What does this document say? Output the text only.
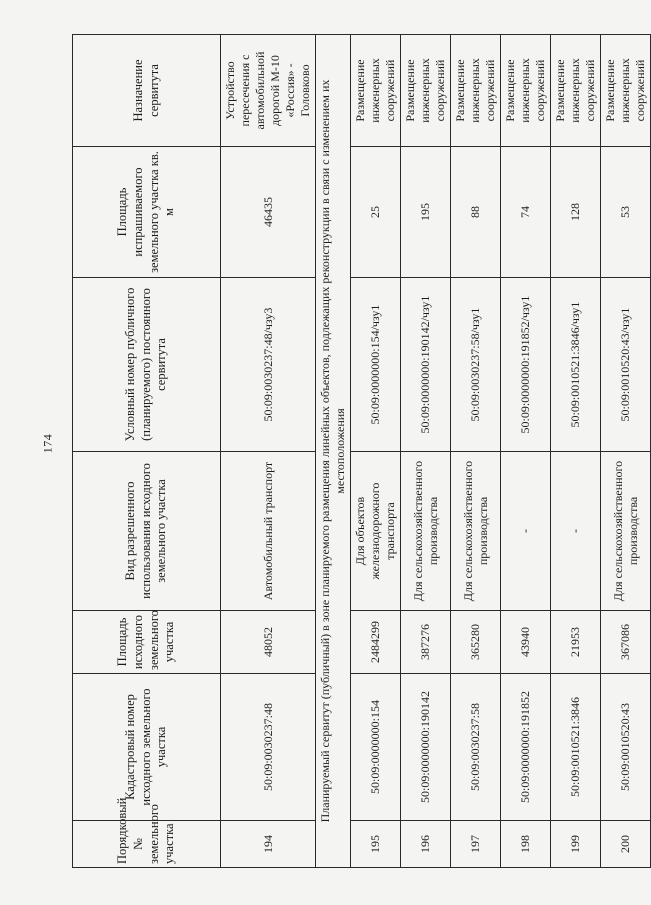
174
Порядковый № земельного участка	Кадастровый номер исходного земельного участка	Площадь исходного земельного участка	Вид разрешенного использования исходного земельного участка	Условный номер публичного (планируемого) постоянного сервитута	Площадь испрашиваемого земельного участка кв. м	Назначение сервитута
194	50:09:0030237:48	48052	Автомобильный транспорт	50:09:0030237:48/чзу3	46435	Устройство пересечения с автомобильной дорогой М-10 «Россия» - Головково
Планируемый сервитут (публичный) в зоне планируемого размещения линейных объектов, подлежащих реконструкции в связи с изменением их местоположения						
195	50:09:0000000:154	2484299	Для объектов железнодорожного транспорта	50:09:0000000:154/чзу1	25	Размещение инженерных сооружений
196	50:09:0000000:190142	387276	Для сельскохозяйственного производства	50:09:0000000:190142/чзу1	195	Размещение инженерных сооружений
197	50:09:0030237:58	365280	Для сельскохозяйственного производства	50:09:0030237:58/чзу1	88	Размещение инженерных сооружений
198	50:09:0000000:191852	43940	-	50:09:0000000:191852/чзу1	74	Размещение инженерных сооружений
199	50:09:0010521:3846	21953	-	50:09:0010521:3846/чзу1	128	Размещение инженерных сооружений
200	50:09:0010520:43	367086	Для сельскохозяйственного производства	50:09:0010520:43/чзу1	53	Размещение инженерных сооружений
